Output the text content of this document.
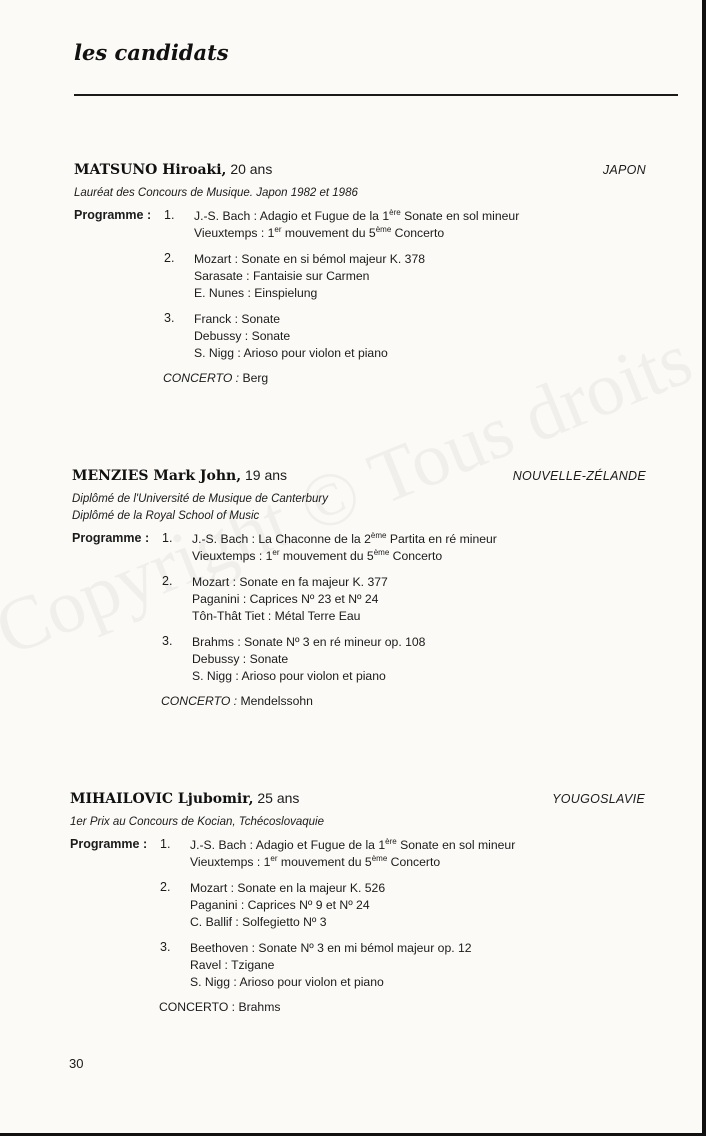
les candidats
MATSUNO Hiroaki, 20 ans	JAPON
Lauréat des Concours de Musique. Japon 1982 et 1986
Programme : 1. J.-S. Bach : Adagio et Fugue de la 1ère Sonate en sol mineur
Vieuxtemps : 1er mouvement du 5ème Concerto
2. Mozart : Sonate en si bémol majeur K. 378
Sarasate : Fantaisie sur Carmen
E. Nunes : Einspielung
3. Franck : Sonate
Debussy : Sonate
S. Nigg : Arioso pour violon et piano
CONCERTO : Berg
MENZIES Mark John, 19 ans	NOUVELLE-ZÉLANDE
Diplômé de l'Université de Musique de Canterbury
Diplômé de la Royal School of Music
Programme : 1. J.-S. Bach : La Chaconne de la 2ème Partita en ré mineur
Vieuxtemps : 1er mouvement du 5ème Concerto
2. Mozart : Sonate en fa majeur K. 377
Paganini : Caprices Nº 23 et Nº 24
Tôn-Thât Tiet : Métal Terre Eau
3. Brahms : Sonate Nº 3 en ré mineur op. 108
Debussy : Sonate
S. Nigg : Arioso pour violon et piano
CONCERTO : Mendelssohn
MIHAILOVIC Ljubomir, 25 ans	YOUGOSLAVIE
1er Prix au Concours de Kocian, Tchécoslovaquie
Programme : 1. J.-S. Bach : Adagio et Fugue de la 1ère Sonate en sol mineur
Vieuxtemps : 1er mouvement du 5ème Concerto
2. Mozart : Sonate en la majeur K. 526
Paganini : Caprices Nº 9 et Nº 24
C. Ballif : Solfegietto Nº 3
3. Beethoven : Sonate Nº 3 en mi bémol majeur op. 12
Ravel : Tzigane
S. Nigg : Arioso pour violon et piano
CONCERTO : Brahms
30
